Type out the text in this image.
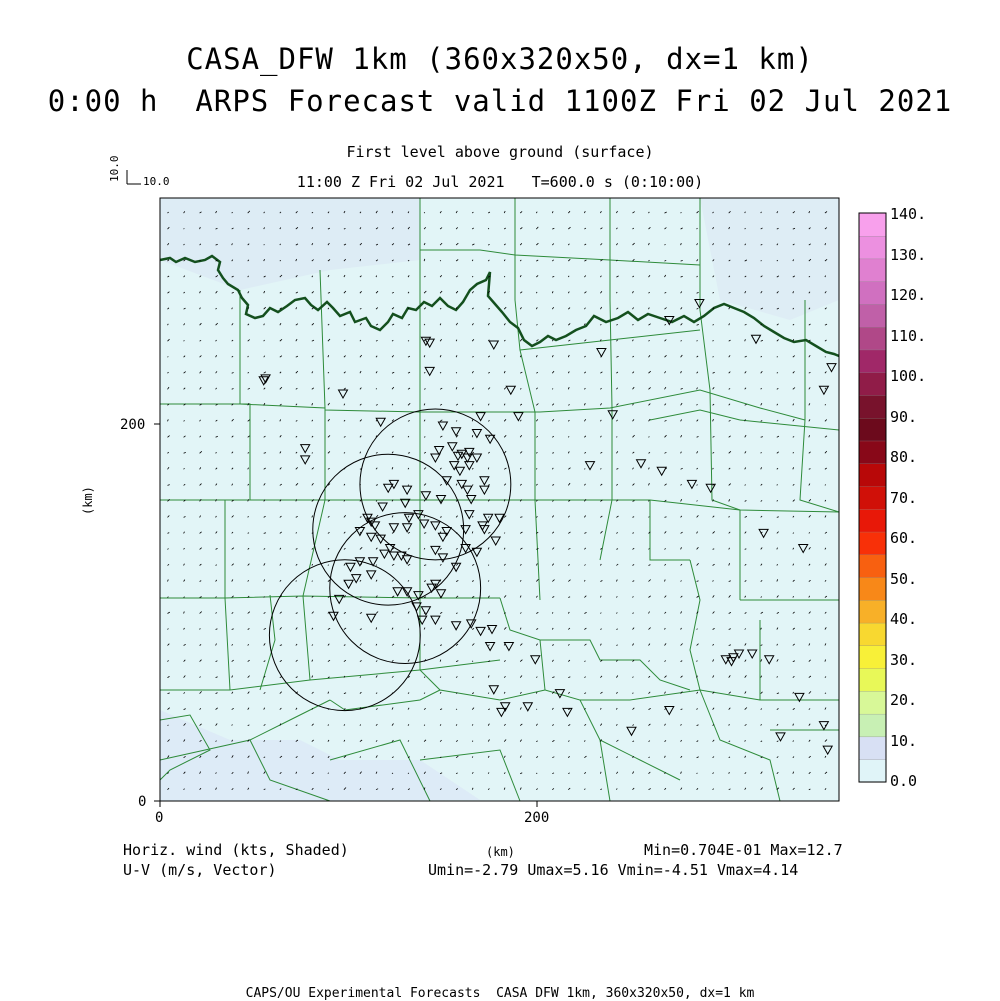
CASA_DFW 1km (360x320x50, dx=1 km)
0:00 h  ARPS Forecast valid 1100Z Fri 02 Jul 2021
First level above ground (surface)
11:00 Z Fri 02 Jul 2021   T=600.0 s (0:10:00)
10.0 10.0
0	200
0
200
(km)
0.0
10.
20.
30.
40.
50.
60.
70.
80.
90.
100.
110.
120.
130.
140.
Horiz. wind (kts, Shaded)
U-V (m/s, Vector)
(km)	Min=0.704E-01 Max=12.7
Umin=-2.79 Umax=5.16 Vmin=-4.51 Vmax=4.14
CAPS/OU Experimental Forecasts  CASA DFW 1km, 360x320x50, dx=1 km
